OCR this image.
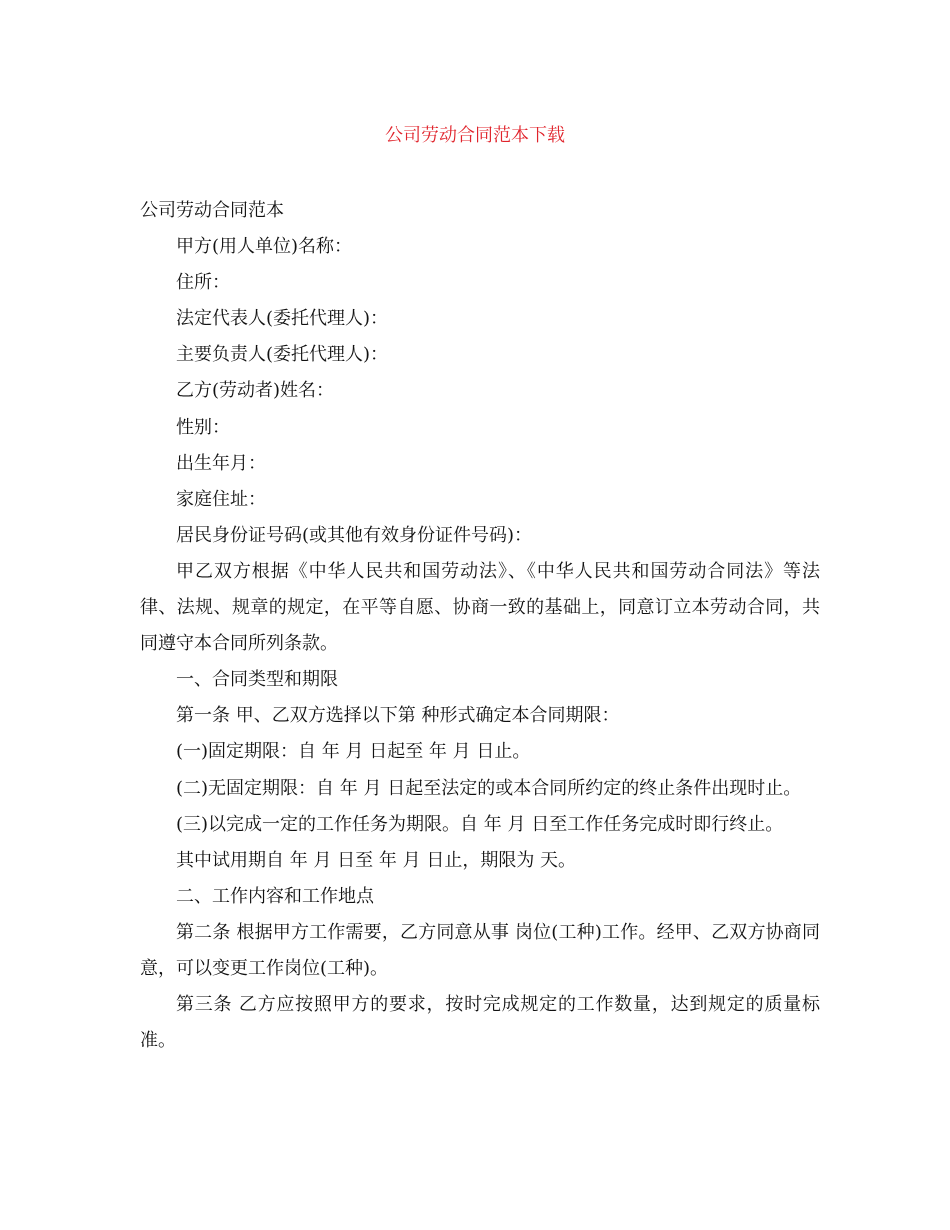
公司劳动合同范本下载

公司劳动合同范本

甲方(用人单位)名称：

住所：

法定代表人(委托代理人)：

主要负责人(委托代理人)：

乙方(劳动者)姓名：

性别：

出生年月：

家庭住址：

居民身份证号码(或其他有效身份证件号码)：

甲乙双方根据《中华人民共和国劳动法》、《中华人民共和国劳动合同法》等法律、法规、规章的规定，在平等自愿、协商一致的基础上，同意订立本劳动合同，共同遵守本合同所列条款。

一、合同类型和期限

第一条 甲、乙双方选择以下第 种形式确定本合同期限：

(一)固定期限：自 年 月 日起至 年 月 日止。

(二)无固定期限：自 年 月 日起至法定的或本合同所约定的终止条件出现时止。

(三)以完成一定的工作任务为期限。自 年 月 日至工作任务完成时即行终止。

其中试用期自 年 月 日至 年 月 日止，期限为 天。

二、工作内容和工作地点

第二条 根据甲方工作需要，乙方同意从事 岗位(工种)工作。经甲、乙双方协商同意，可以变更工作岗位(工种)。

第三条 乙方应按照甲方的要求，按时完成规定的工作数量，达到规定的质量标准。
